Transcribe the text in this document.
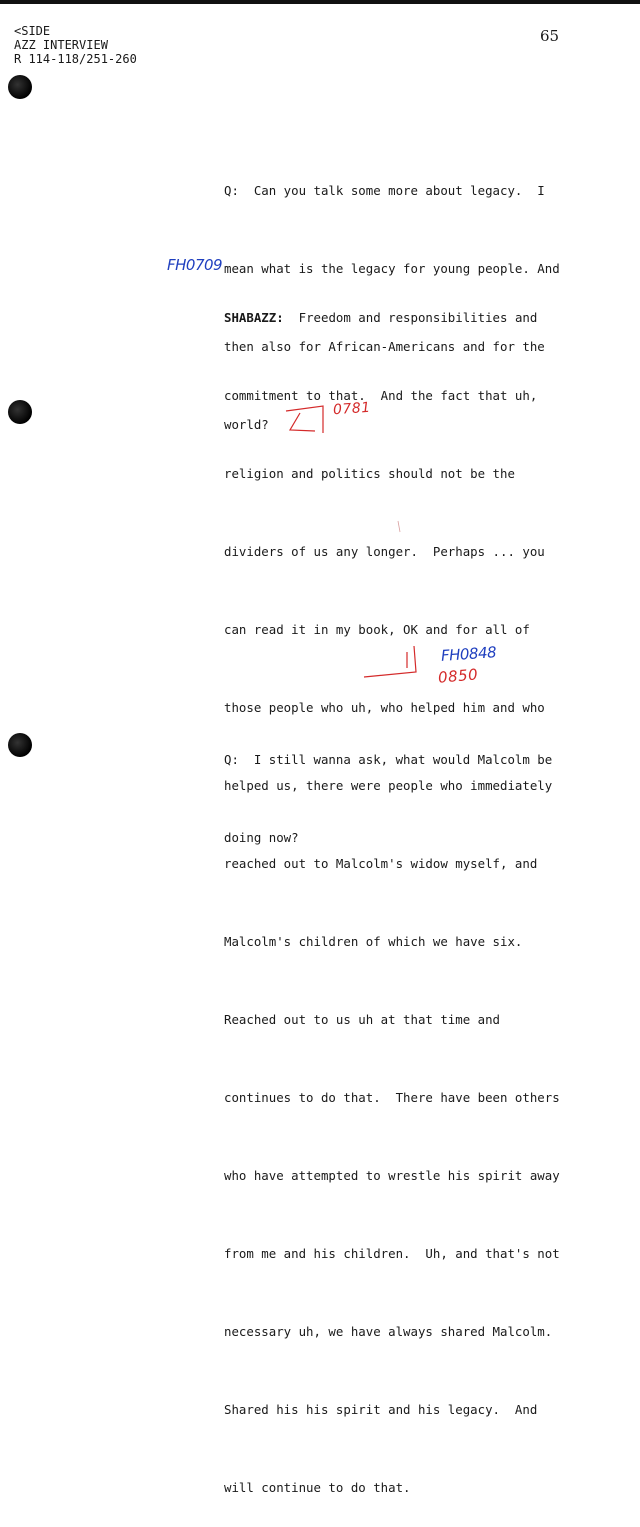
<SIDE
AZZ INTERVIEW
R 114-118/251-260
65

Q:  Can you talk some more about legacy.  I

mean what is the legacy for young people. And

then also for African-Americans and for the

world?

SHABAZZ:  Freedom and responsibilities and

commitment to that.  And the fact that uh,

religion and politics should not be the

dividers of us any longer.  Perhaps ... you

can read it in my book, OK and for all of

those people who uh, who helped him and who

helped us, there were people who immediately

reached out to Malcolm's widow myself, and

Malcolm's children of which we have six.

Reached out to us uh at that time and

continues to do that.  There have been others

who have attempted to wrestle his spirit away

from me and his children.  Uh, and that's not

necessary uh, we have always shared Malcolm.

Shared his his spirit and his legacy.  And

will continue to do that.

Q:  I still wanna ask, what would Malcolm be

doing now?

FH0709
0781
FH0848
0850
